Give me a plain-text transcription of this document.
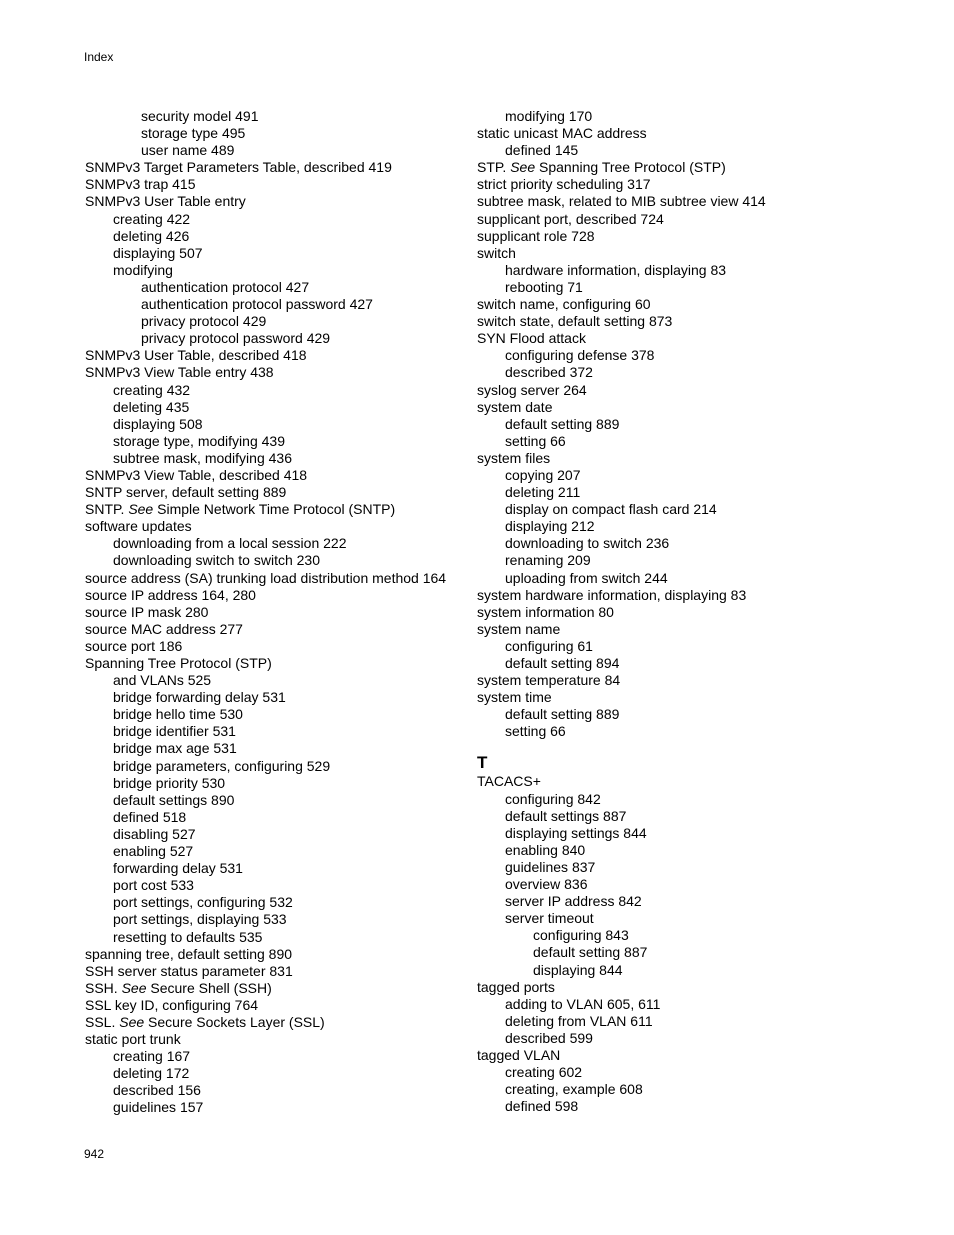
Index
security model 491
storage type 495
user name 489
SNMPv3 Target Parameters Table, described 419
SNMPv3 trap 415
SNMPv3 User Table entry
creating 422
deleting 426
displaying 507
modifying
authentication protocol 427
authentication protocol password 427
privacy protocol 429
privacy protocol password 429
SNMPv3 User Table, described 418
SNMPv3 View Table entry 438
creating 432
deleting 435
displaying 508
storage type, modifying 439
subtree mask, modifying 436
SNMPv3 View Table, described 418
SNTP server, default setting 889
SNTP. See Simple Network Time Protocol (SNTP)
software updates
downloading from a local session 222
downloading switch to switch 230
source address (SA) trunking load distribution method 164
source IP address 164, 280
source IP mask 280
source MAC address 277
source port 186
Spanning Tree Protocol (STP)
and VLANs 525
bridge forwarding delay 531
bridge hello time 530
bridge identifier 531
bridge max age 531
bridge parameters, configuring 529
bridge priority 530
default settings 890
defined 518
disabling 527
enabling 527
forwarding delay 531
port cost 533
port settings, configuring 532
port settings, displaying 533
resetting to defaults 535
spanning tree, default setting 890
SSH server status parameter 831
SSH. See Secure Shell (SSH)
SSL key ID, configuring 764
SSL. See Secure Sockets Layer (SSL)
static port trunk
creating 167
deleting 172
described 156
guidelines 157
modifying 170
static unicast MAC address
defined 145
STP. See Spanning Tree Protocol (STP)
strict priority scheduling 317
subtree mask, related to MIB subtree view 414
supplicant port, described 724
supplicant role 728
switch
hardware information, displaying 83
rebooting 71
switch name, configuring 60
switch state, default setting 873
SYN Flood attack
configuring defense 378
described 372
syslog server 264
system date
default setting 889
setting 66
system files
copying 207
deleting 211
display on compact flash card 214
displaying 212
downloading to switch 236
renaming 209
uploading from switch 244
system hardware information, displaying 83
system information 80
system name
configuring 61
default setting 894
system temperature 84
system time
default setting 889
setting 66
T
TACACS+
configuring 842
default settings 887
displaying settings 844
enabling 840
guidelines 837
overview 836
server IP address 842
server timeout
configuring 843
default setting 887
displaying 844
tagged ports
adding to VLAN 605, 611
deleting from VLAN 611
described 599
tagged VLAN
creating 602
creating, example 608
defined 598
942
